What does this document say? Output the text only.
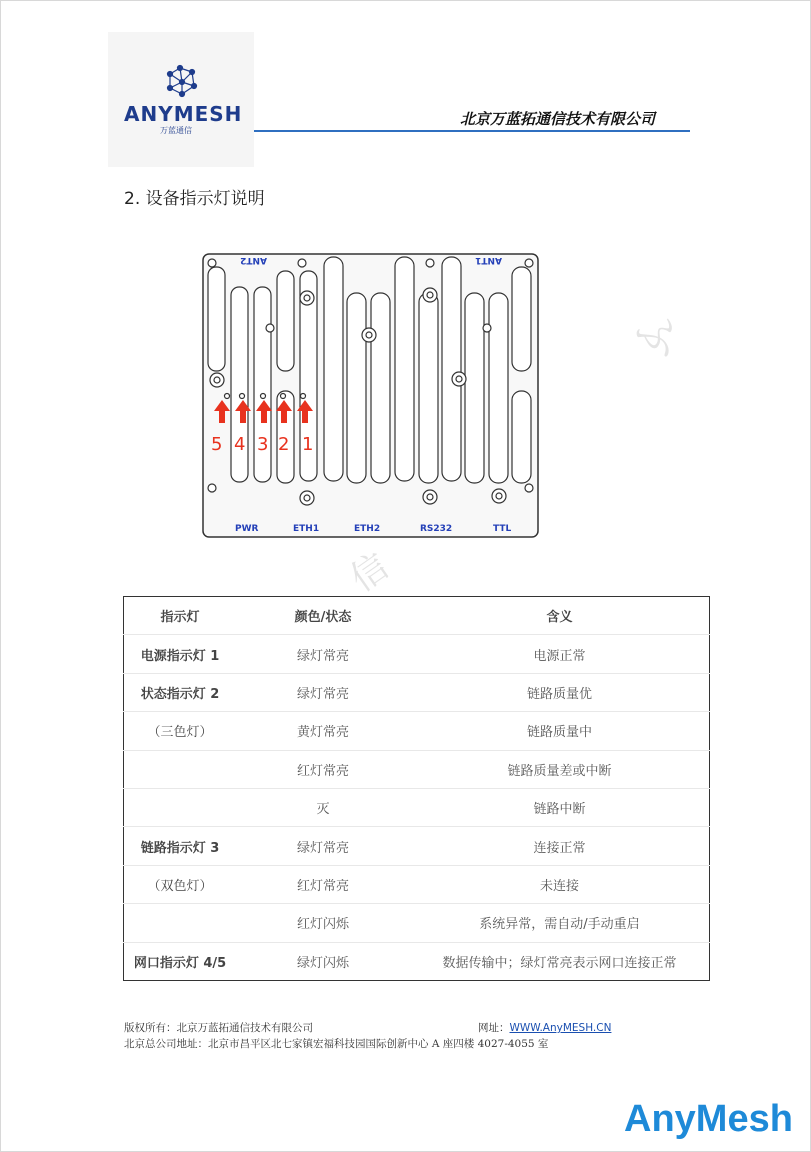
ANYMESH
万蓝通信
北京万蓝拓通信技术有限公司
2. 设备指示灯说明
ふ
信
5 4 3 2 1
ANT2	ANT1
PWR	ETH1	ETH2	RS232	TTL
指示灯	颜色/状态	含义
电源指示灯 1	绿灯常亮	电源正常
状态指示灯 2	绿灯常亮	链路质量优
（三色灯）	黄灯常亮	链路质量中
	红灯常亮	链路质量差或中断
	灭	链路中断
链路指示灯 3	绿灯常亮	连接正常
（双色灯）	红灯常亮	未连接
	红灯闪烁	系统异常，需自动/手动重启
网口指示灯 4/5	绿灯闪烁	数据传输中；绿灯常亮表示网口连接正常
版权所有：北京万蓝拓通信技术有限公司	网址：WWW.AnyMESH.CN
北京总公司地址：北京市昌平区北七家镇宏福科技园国际创新中心 A 座四楼 4027-4055 室
AnyMesh
